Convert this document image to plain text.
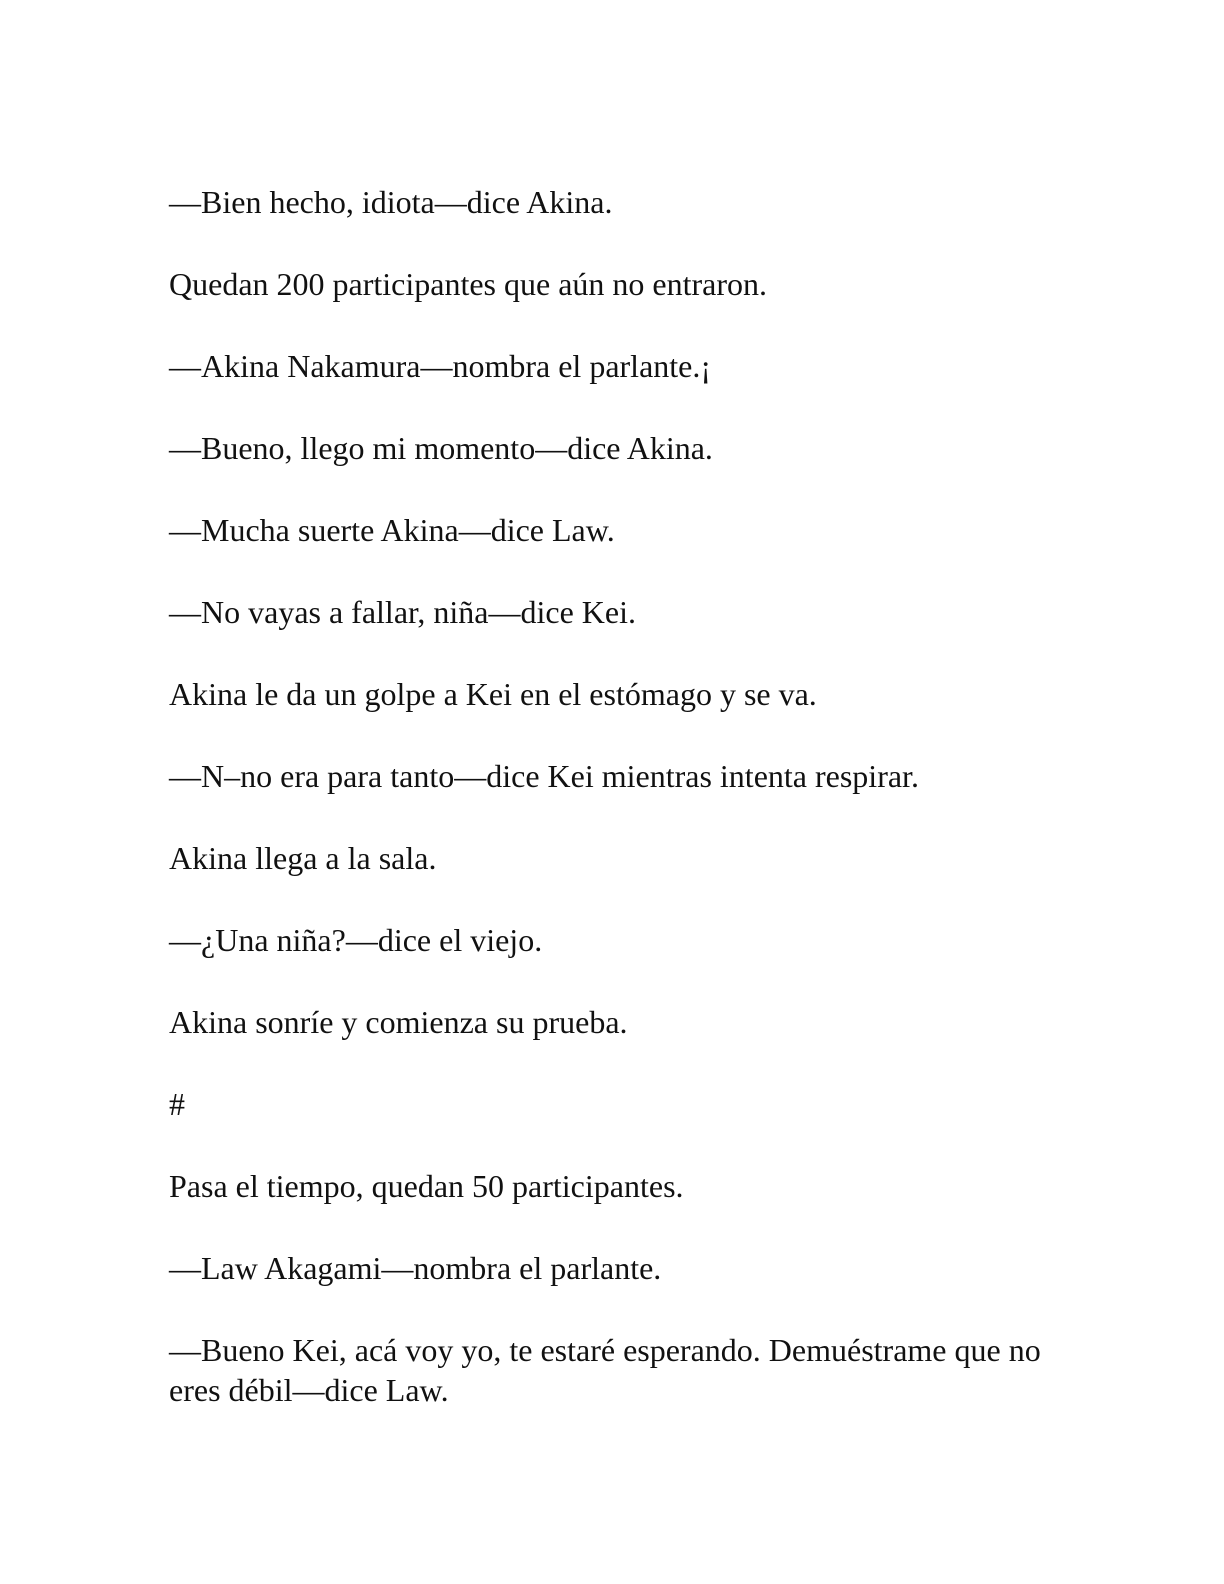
—Bien hecho, idiota—dice Akina.

Quedan 200 participantes que aún no entraron.

—Akina Nakamura—nombra el parlante.¡

—Bueno, llego mi momento—dice Akina.

—Mucha suerte Akina—dice Law.

—No vayas a fallar, niña—dice Kei.

Akina le da un golpe a Kei en el estómago y se va.

—N–no era para tanto—dice Kei mientras intenta respirar.

Akina llega a la sala.

—¿Una niña?—dice el viejo.

Akina sonríe y comienza su prueba.

#

Pasa el tiempo, quedan 50 participantes.

—Law Akagami—nombra el parlante.

—Bueno Kei, acá voy yo, te estaré esperando. Demuéstrame que no eres débil—dice Law.
